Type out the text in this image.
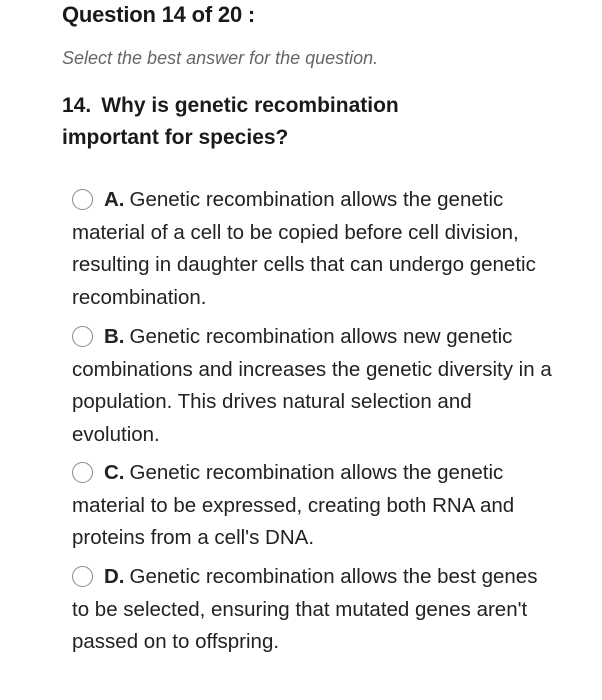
Question 14 of 20 :
Select the best answer for the question.
14. Why is genetic recombination important for species?
A. Genetic recombination allows the genetic material of a cell to be copied before cell division, resulting in daughter cells that can undergo genetic recombination.
B. Genetic recombination allows new genetic combinations and increases the genetic diversity in a population. This drives natural selection and evolution.
C. Genetic recombination allows the genetic material to be expressed, creating both RNA and proteins from a cell's DNA.
D. Genetic recombination allows the best genes to be selected, ensuring that mutated genes aren't passed on to offspring.
